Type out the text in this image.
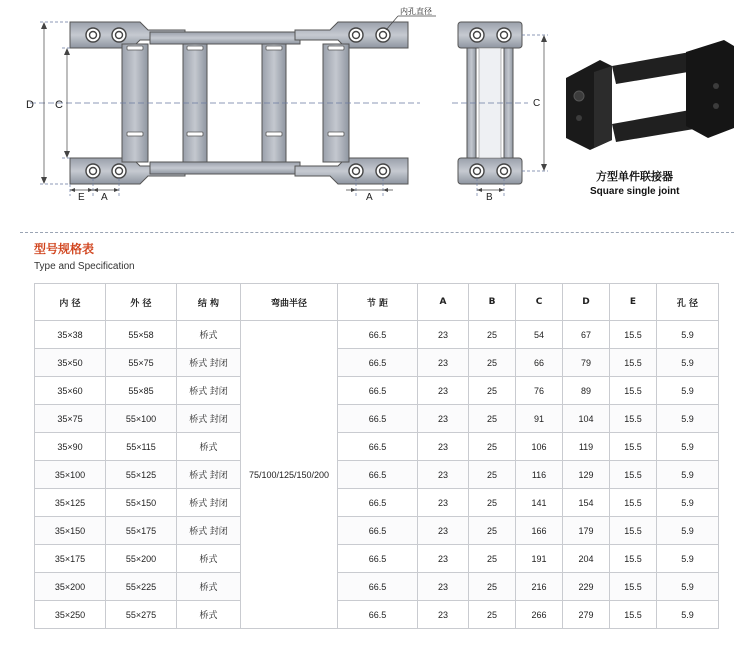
内孔直径
D C
E A	A
C
B
方型单件联接器
Square single joint
型号规格表
Type and Specification
内 径	外 径	结 构	弯曲半径	节 距	A	B	C	D	E	孔 径
35×38	55×58	桥式	75/100/125/150/200	66.5	23	25	54	67	15.5	5.9
35×50	55×75	桥式 封闭		66.5	23	25	66	79	15.5	5.9
35×60	55×85	桥式 封闭		66.5	23	25	76	89	15.5	5.9
35×75	55×100	桥式 封闭		66.5	23	25	91	104	15.5	5.9
35×90	55×115	桥式		66.5	23	25	106	119	15.5	5.9
35×100	55×125	桥式 封闭		66.5	23	25	116	129	15.5	5.9
35×125	55×150	桥式 封闭		66.5	23	25	141	154	15.5	5.9
35×150	55×175	桥式 封闭		66.5	23	25	166	179	15.5	5.9
35×175	55×200	桥式		66.5	23	25	191	204	15.5	5.9
35×200	55×225	桥式		66.5	23	25	216	229	15.5	5.9
35×250	55×275	桥式		66.5	23	25	266	279	15.5	5.9
